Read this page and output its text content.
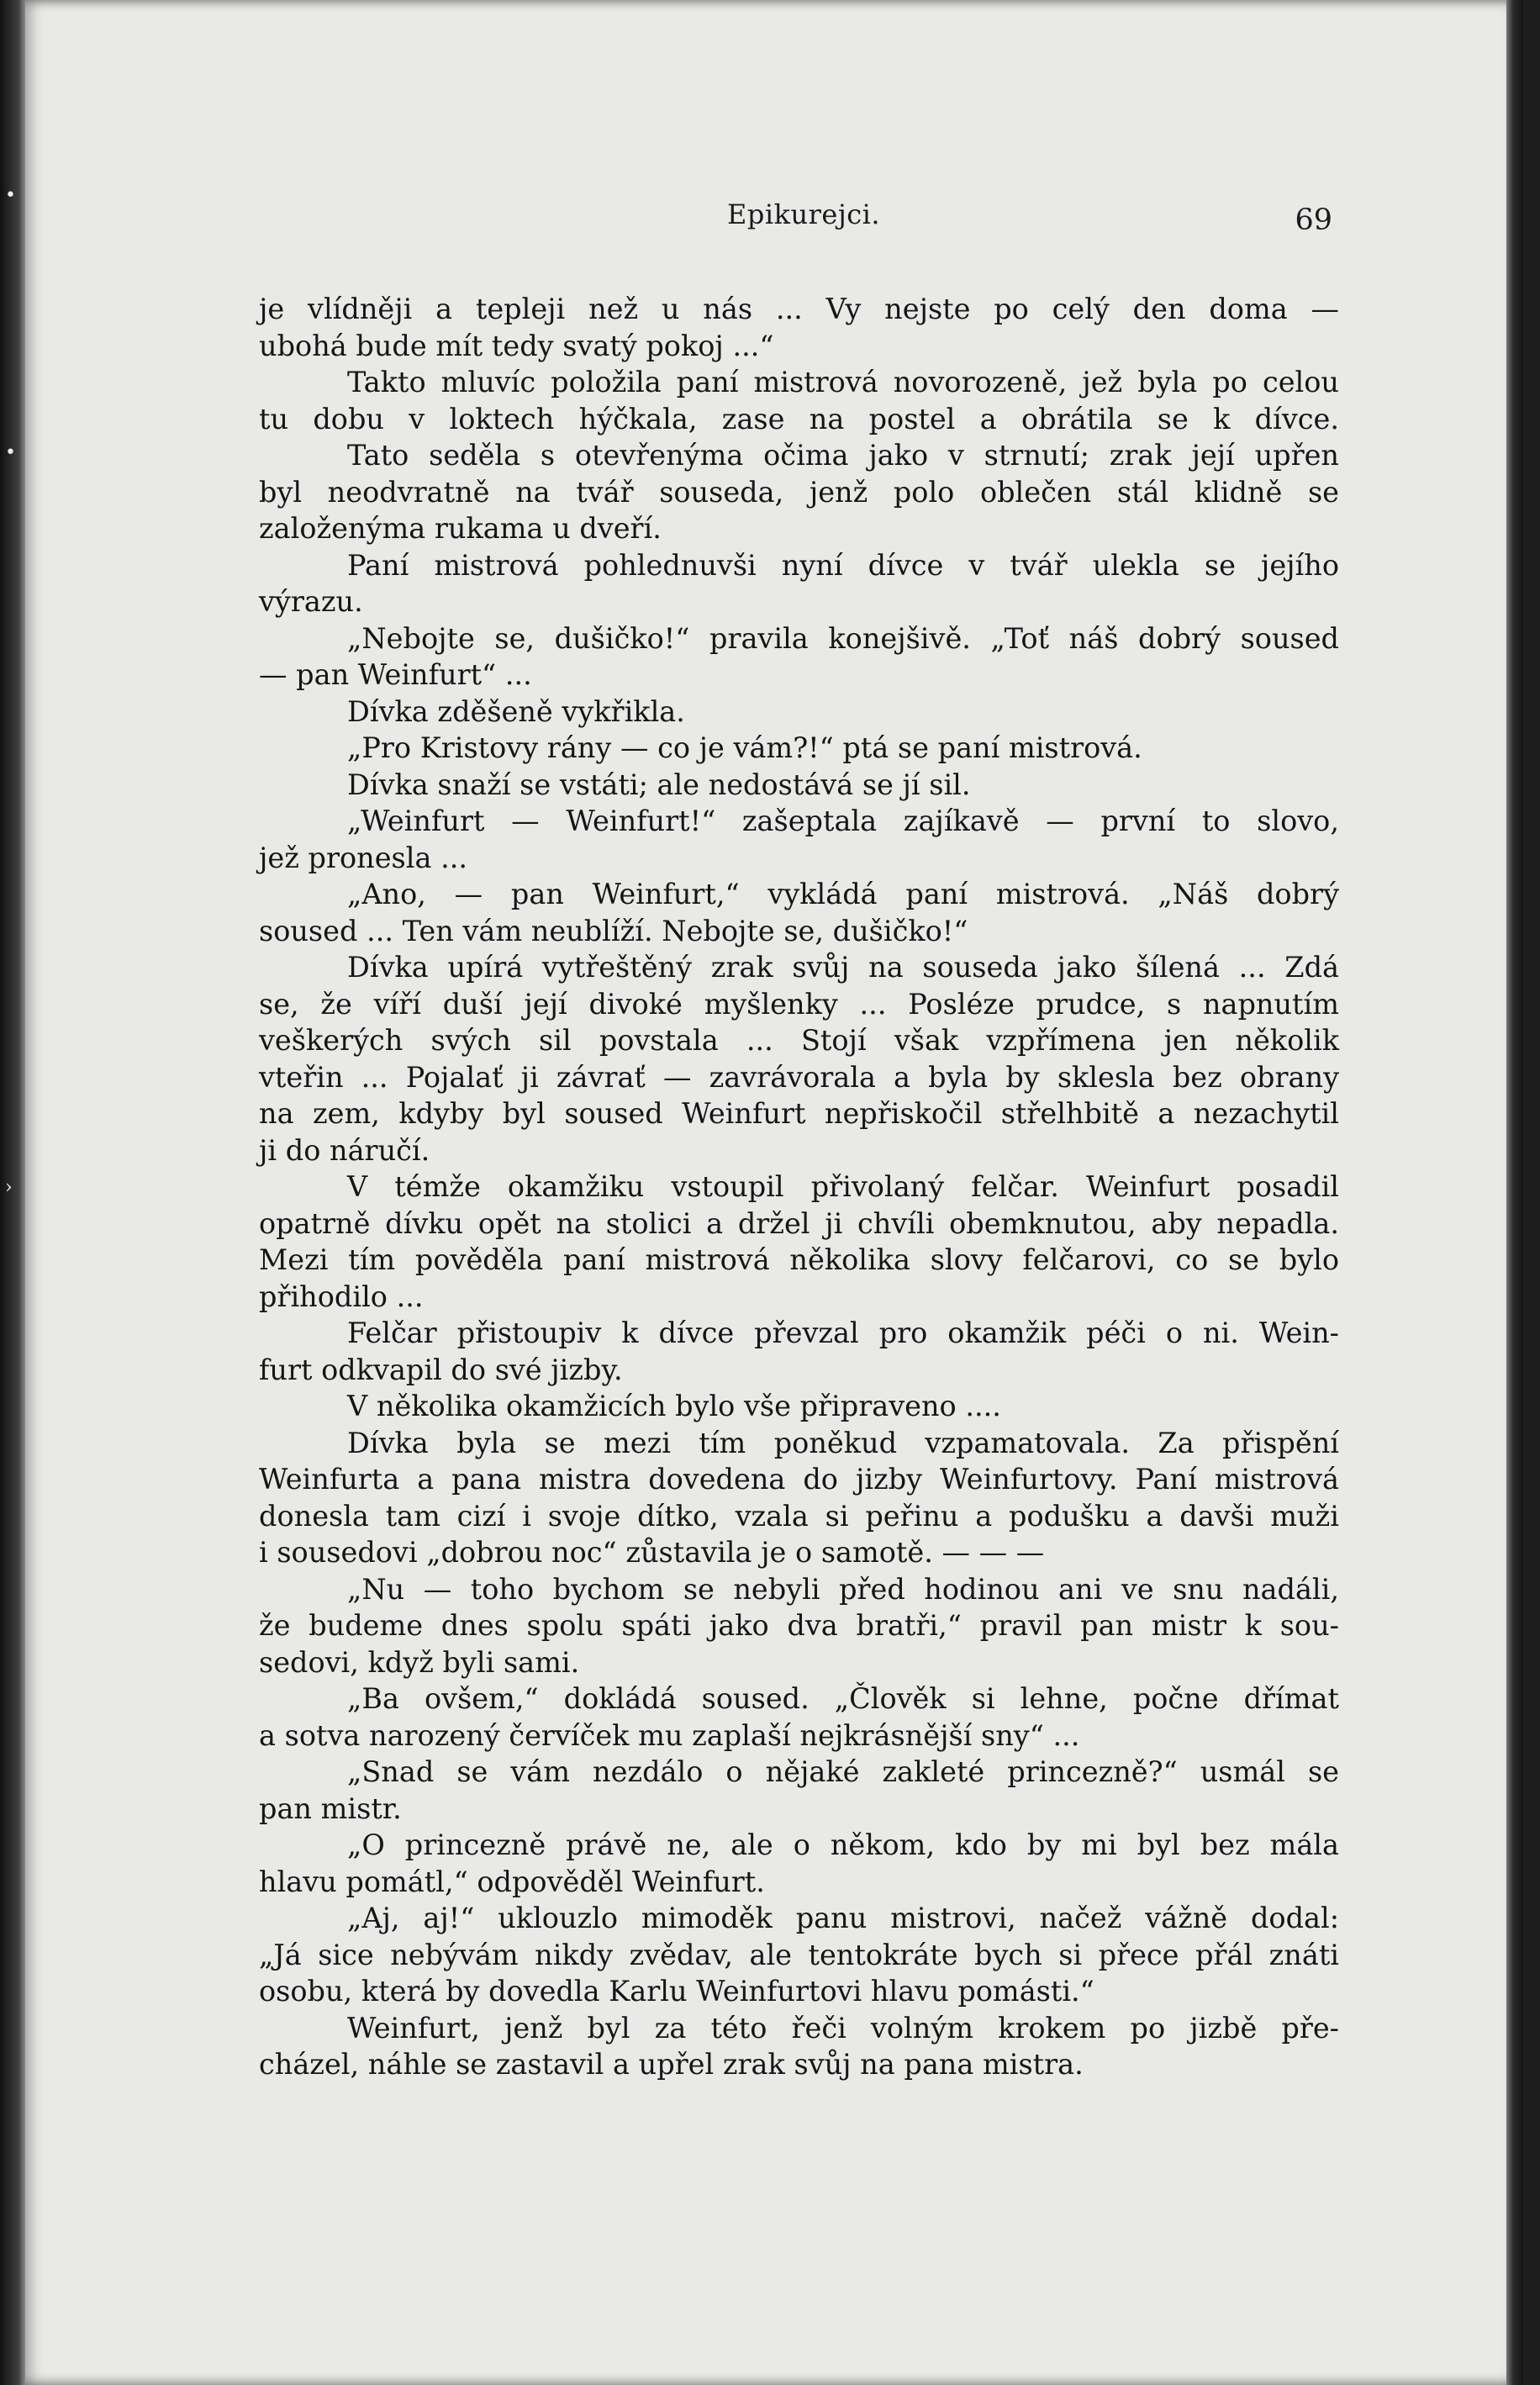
•
•
›
Epikurejci.	69
je vlídněji a tepleji než u nás ... Vy nejste po celý den doma —
ubohá bude mít tedy svatý pokoj ...“
Takto mluvíc položila paní mistrová novorozeně, jež byla po celou
tu dobu v loktech hýčkala, zase na postel a obrátila se k dívce.
Tato seděla s otevřenýma očima jako v strnutí; zrak její upřen
byl neodvratně na tvář souseda, jenž polo oblečen stál klidně se
založenýma rukama u dveří.
Paní mistrová pohlednuvši nyní dívce v tvář ulekla se jejího
výrazu.
„Nebojte se, dušičko!“ pravila konejšivě. „Toť náš dobrý soused
— pan Weinfurt“ ...
Dívka zděšeně vykřikla.
„Pro Kristovy rány — co je vám?!“ ptá se paní mistrová.
Dívka snaží se vstáti; ale nedostává se jí sil.
„Weinfurt — Weinfurt!“ zašeptala zajíkavě — první to slovo,
jež pronesla ...
„Ano, — pan Weinfurt,“ vykládá paní mistrová. „Náš dobrý
soused ... Ten vám neublíží. Nebojte se, dušičko!“
Dívka upírá vytřeštěný zrak svůj na souseda jako šílená ... Zdá
se, že víří duší její divoké myšlenky ... Posléze prudce, s napnutím
veškerých svých sil povstala ... Stojí však vzpřímena jen několik
vteřin ... Pojalať ji závrať — zavrávorala a byla by sklesla bez obrany
na zem, kdyby byl soused Weinfurt nepřiskočil střelhbitě a nezachytil
ji do náručí.
V témže okamžiku vstoupil přivolaný felčar. Weinfurt posadil
opatrně dívku opět na stolici a držel ji chvíli obemknutou, aby nepadla.
Mezi tím pověděla paní mistrová několika slovy felčarovi, co se bylo
přihodilo ...
Felčar přistoupiv k dívce převzal pro okamžik péči o ni. Wein-
furt odkvapil do své jizby.
V několika okamžicích bylo vše připraveno ....
Dívka byla se mezi tím poněkud vzpamatovala. Za přispění
Weinfurta a pana mistra dovedena do jizby Weinfurtovy. Paní mistrová
donesla tam cizí i svoje dítko, vzala si peřinu a podušku a davši muži
i sousedovi „dobrou noc“ zůstavila je o samotě. — — —
„Nu — toho bychom se nebyli před hodinou ani ve snu nadáli,
že budeme dnes spolu spáti jako dva bratři,“ pravil pan mistr k sou-
sedovi, když byli sami.
„Ba ovšem,“ dokládá soused. „Člověk si lehne, počne dřímat
a sotva narozený červíček mu zaplaší nejkrásnější sny“ ...
„Snad se vám nezdálo o nějaké zakleté princezně?“ usmál se
pan mistr.
„O princezně právě ne, ale o někom, kdo by mi byl bez mála
hlavu pomátl,“ odpověděl Weinfurt.
„Aj, aj!“ uklouzlo mimoděk panu mistrovi, načež vážně dodal:
„Já sice nebývám nikdy zvědav, ale tentokráte bych si přece přál znáti
osobu, která by dovedla Karlu Weinfurtovi hlavu pomásti.“
Weinfurt, jenž byl za této řeči volným krokem po jizbě pře-
cházel, náhle se zastavil a upřel zrak svůj na pana mistra.
